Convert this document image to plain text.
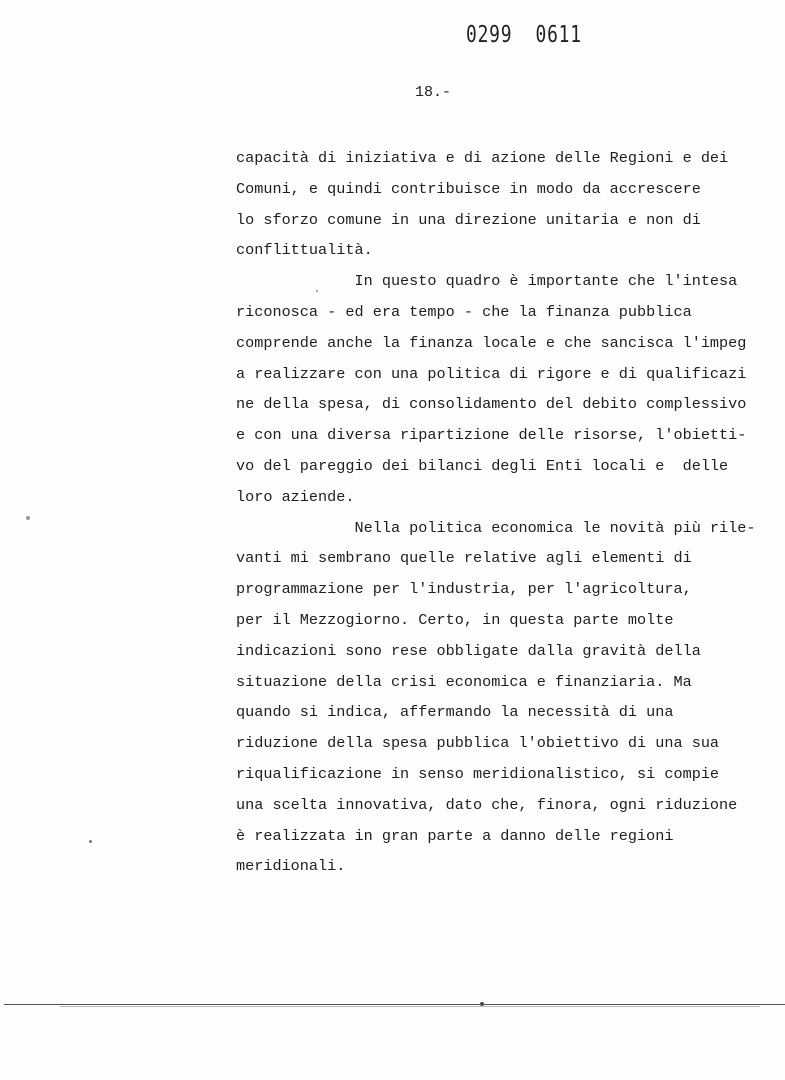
0299  0611
18.-
capacità di iniziativa e di azione delle Regioni e dei
Comuni, e quindi contribuisce in modo da accrescere
lo sforzo comune in una direzione unitaria e non di
conflittualità.
In questo quadro è importante che l'intesa
riconosca - ed era tempo - che la finanza pubblica
comprende anche la finanza locale e che sancisca l'impeg
a realizzare con una politica di rigore e di qualificazi
ne della spesa, di consolidamento del debito complessivo
e con una diversa ripartizione delle risorse, l'obietti-
vo del pareggio dei bilanci degli Enti locali e  delle
loro aziende.
Nella politica economica le novità più rile-
vanti mi sembrano quelle relative agli elementi di
programmazione per l'industria, per l'agricoltura,
per il Mezzogiorno. Certo, in questa parte molte
indicazioni sono rese obbligate dalla gravità della
situazione della crisi economica e finanziaria. Ma
quando si indica, affermando la necessità di una
riduzione della spesa pubblica l'obiettivo di una sua
riqualificazione in senso meridionalistico, si compie
una scelta innovativa, dato che, finora, ogni riduzione
è realizzata in gran parte a danno delle regioni
meridionali.
